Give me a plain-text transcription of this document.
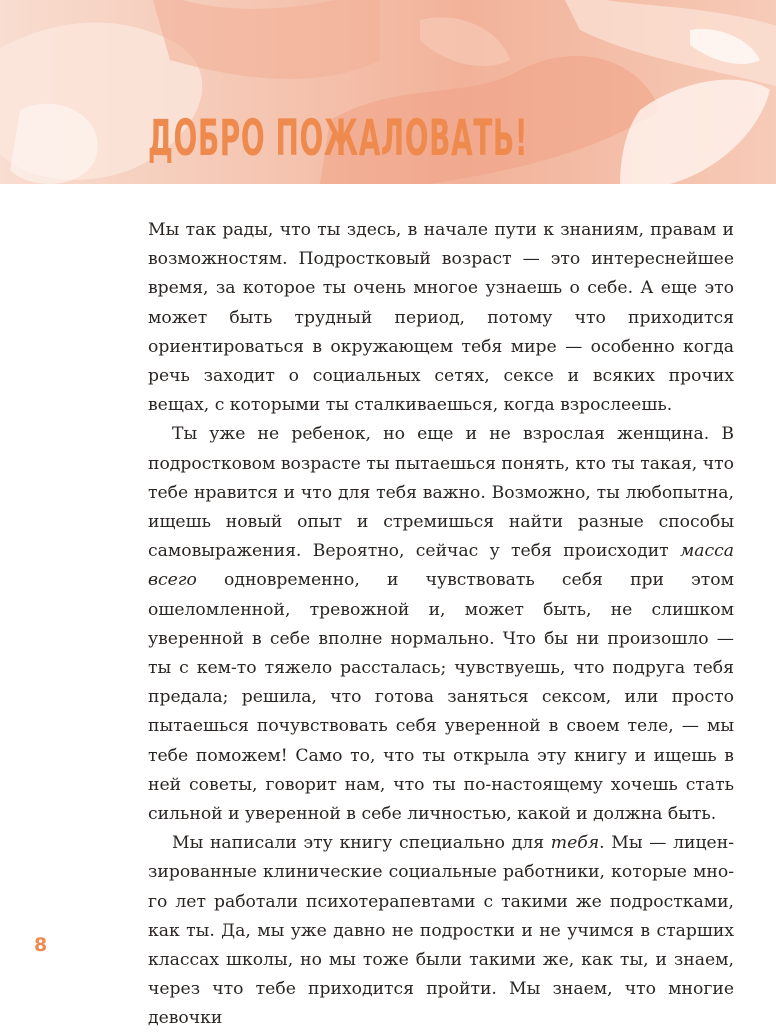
ДОБРО ПОЖАЛОВАТЬ!

Мы так рады, что ты здесь, в начале пути к знаниям, правам и возможностям. Подростковый возраст — это интереснейшее время, за которое ты очень многое узнаешь о себе. А еще это может быть трудный период, потому что приходится ориентироваться в окружающем тебя мире — особенно когда речь заходит о социальных сетях, сексе и всяких прочих вещах, с которыми ты сталкиваешься, когда взрослеешь.

Ты уже не ребенок, но еще и не взрослая женщина. В подростковом возрасте ты пытаешься понять, кто ты такая, что тебе нравится и что для тебя важно. Возможно, ты любопытна, ищешь новый опыт и стремишься найти разные способы самовыражения. Вероятно, сейчас у тебя происходит масса всего одновременно, и чувствовать себя при этом ошеломленной, тревожной и, может быть, не слишком уверенной в себе вполне нормально. Что бы ни произошло — ты с кем-то тяжело рассталась; чувствуешь, что подруга тебя предала; решила, что готова заняться сексом, или просто пытаешься почувствовать себя уверенной в своем теле, — мы тебе поможем! Само то, что ты открыла эту книгу и ищешь в ней советы, говорит нам, что ты по-настоящему хочешь стать сильной и уверенной в себе личностью, какой и должна быть.

Мы написали эту книгу специально для тебя. Мы — лицензированные клинические социальные работники, которые много лет работали психотерапевтами с такими же подростками, как ты. Да, мы уже давно не подростки и не учимся в старших классах школы, но мы тоже были такими же, как ты, и знаем, через что тебе приходится пройти. Мы знаем, что многие девочки

8
